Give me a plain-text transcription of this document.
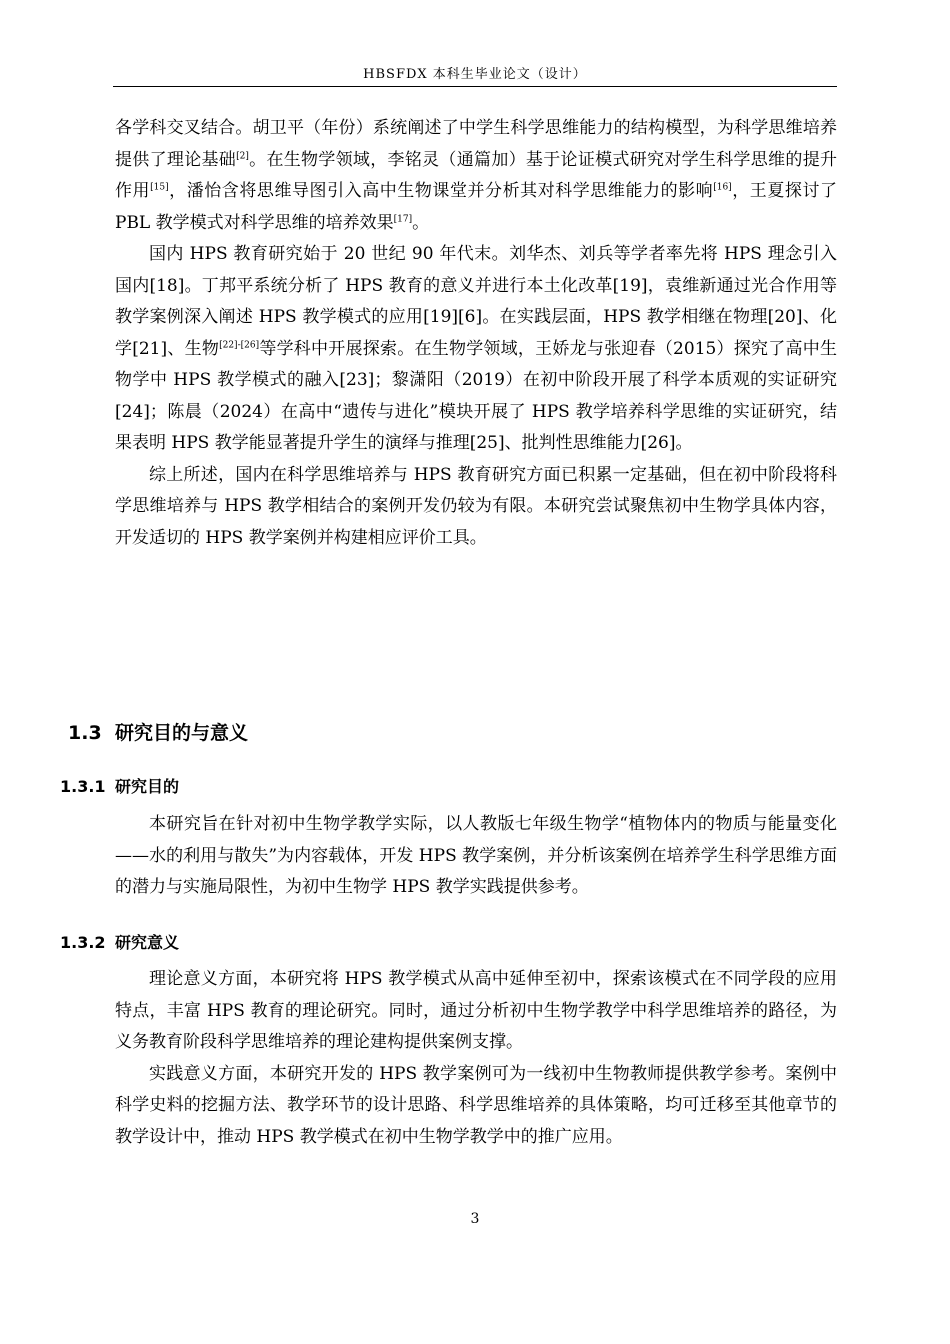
HBSFDX 本科生毕业论文（设计）

各学科交叉结合。胡卫平（年份）系统阐述了中学生科学思维能力的结构模型，为科学思维培养提供了理论基础[2]。在生物学领域，李铭灵（通篇加）基于论证模式研究对学生科学思维的提升作用[15]，潘怡含将思维导图引入高中生物课堂并分析其对科学思维能力的影响[16]，王夏探讨了 PBL 教学模式对科学思维的培养效果[17]。

国内 HPS 教育研究始于 20 世纪 90 年代末。刘华杰、刘兵等学者率先将 HPS 理念引入国内[18]。丁邦平系统分析了 HPS 教育的意义并进行本土化改革[19]，袁维新通过光合作用等教学案例深入阐述 HPS 教学模式的应用[19][6]。在实践层面，HPS 教学相继在物理[20]、化学[21]、生物[22]-[26]等学科中开展探索。在生物学领域，王娇龙与张迎春（2015）探究了高中生物学中 HPS 教学模式的融入[23]；黎潇阳（2019）在初中阶段开展了科学本质观的实证研究[24]；陈晨（2024）在高中“遗传与进化”模块开展了 HPS 教学培养科学思维的实证研究，结果表明 HPS 教学能显著提升学生的演绎与推理[25]、批判性思维能力[26]。

综上所述，国内在科学思维培养与 HPS 教育研究方面已积累一定基础，但在初中阶段将科学思维培养与 HPS 教学相结合的案例开发仍较为有限。本研究尝试聚焦初中生物学具体内容，开发适切的 HPS 教学案例并构建相应评价工具。

1.3 研究目的与意义
1.3.1 研究目的

本研究旨在针对初中生物学教学实际，以人教版七年级生物学“植物体内的物质与能量变化——水的利用与散失”为内容载体，开发 HPS 教学案例，并分析该案例在培养学生科学思维方面的潜力与实施局限性，为初中生物学 HPS 教学实践提供参考。

1.3.2 研究意义

理论意义方面，本研究将 HPS 教学模式从高中延伸至初中，探索该模式在不同学段的应用特点，丰富 HPS 教育的理论研究。同时，通过分析初中生物学教学中科学思维培养的路径，为义务教育阶段科学思维培养的理论建构提供案例支撑。

实践意义方面，本研究开发的 HPS 教学案例可为一线初中生物教师提供教学参考。案例中科学史料的挖掘方法、教学环节的设计思路、科学思维培养的具体策略，均可迁移至其他章节的教学设计中，推动 HPS 教学模式在初中生物学教学中的推广应用。

3
